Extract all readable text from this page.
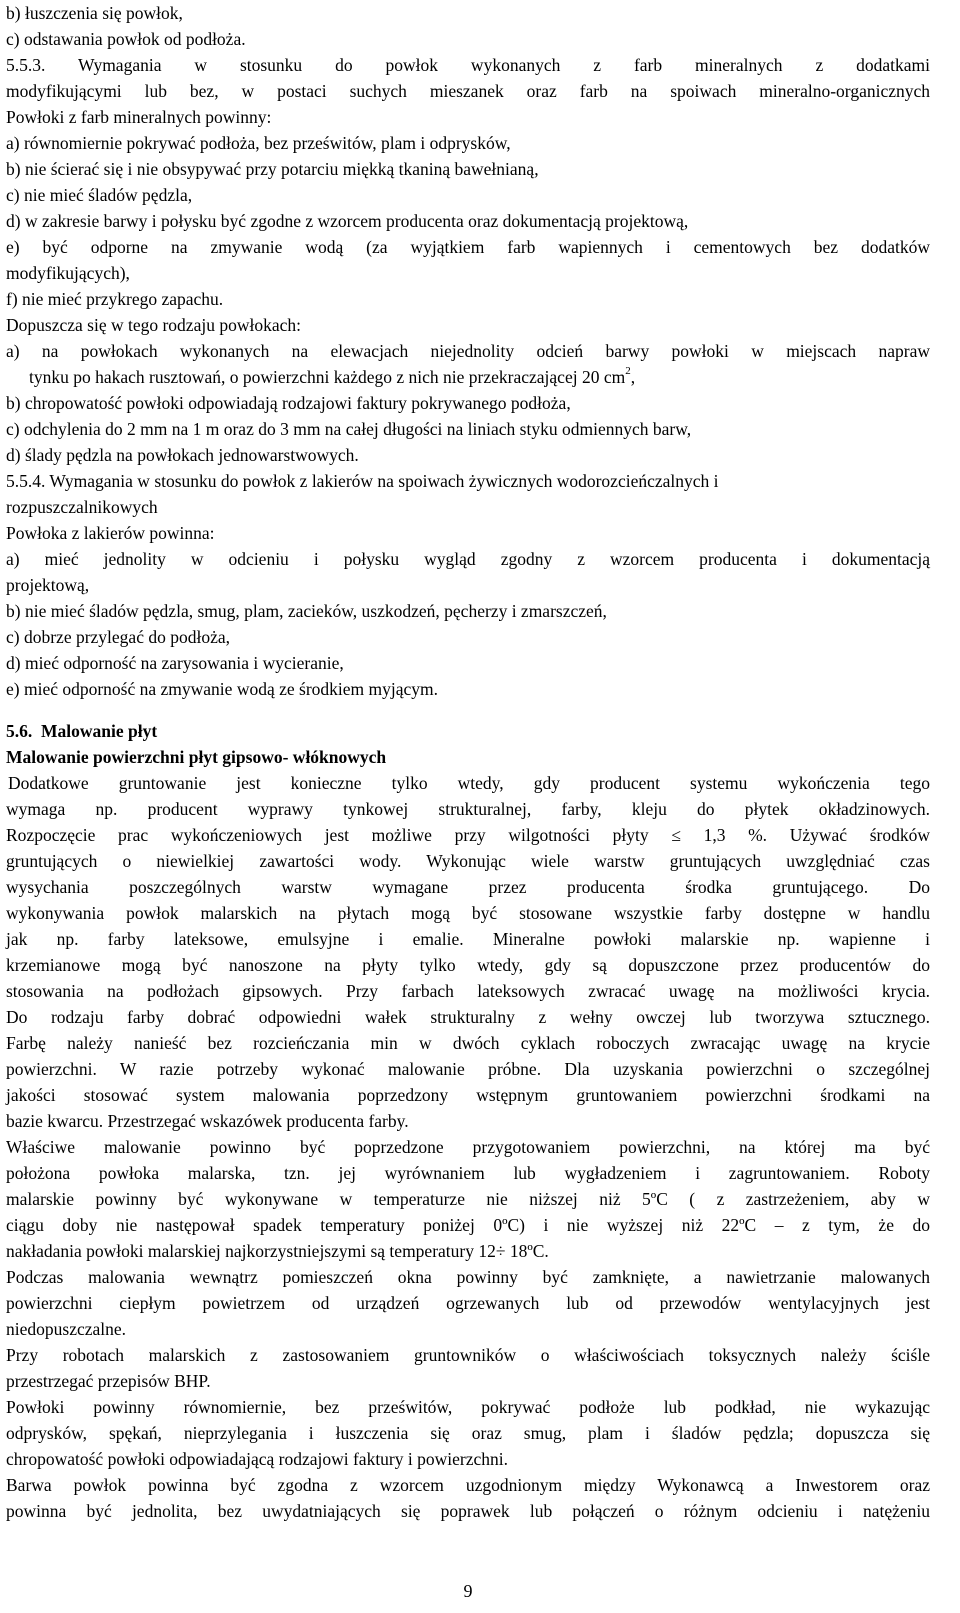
b) łuszczenia się powłok,
c) odstawania powłok od podłoża.
5.5.3. Wymagania w stosunku do powłok wykonanych z farb mineralnych z dodatkami
modyfikującymi lub bez, w postaci suchych mieszanek oraz farb na spoiwach mineralno-organicznych
Powłoki z farb mineralnych powinny:
a) równomiernie pokrywać podłoża, bez prześwitów, plam i odprysków,
b) nie ścierać się i nie obsypywać przy potarciu miękką tkaniną bawełnianą,
c) nie mieć śladów pędzla,
d) w zakresie barwy i połysku być zgodne z wzorcem producenta oraz dokumentacją projektową,
e) być odporne na zmywanie wodą (za wyjątkiem farb wapiennych i cementowych bez dodatków
modyfikujących),
f) nie mieć przykrego zapachu.
Dopuszcza się w tego rodzaju powłokach:
a) na powłokach wykonanych na elewacjach niejednolity odcień barwy powłoki w miejscach napraw
tynku po hakach rusztowań, o powierzchni każdego z nich nie przekraczającej 20 $cm^2$,
b) chropowatość powłoki odpowiadają rodzajowi faktury pokrywanego podłoża,
c) odchylenia do 2 mm na 1 m oraz do 3 mm na całej długości na liniach styku odmiennych barw,
d) ślady pędzla na powłokach jednowarstwowych.
5.5.4. Wymagania w stosunku do powłok z lakierów na spoiwach żywicznych wodorozcieńczalnych i
rozpuszczalnikowych
Powłoka z lakierów powinna:
a) mieć jednolity w odcieniu i połysku wygląd zgodny z wzorcem producenta i dokumentacją
projektową,
b) nie mieć śladów pędzla, smug, plam, zacieków, uszkodzeń, pęcherzy i zmarszczeń,
c) dobrze przylegać do podłoża,
d) mieć odporność na zarysowania i wycieranie,
e) mieć odporność na zmywanie wodą ze środkiem myjącym.
5.6.  Malowanie płyt
Malowanie powierzchni płyt gipsowo- włóknowych
Dodatkowe gruntowanie jest konieczne tylko wtedy, gdy producent systemu wykończenia tego
wymaga np. producent wyprawy tynkowej strukturalnej, farby, kleju do płytek okładzinowych.
Rozpoczęcie prac wykończeniowych jest możliwe przy wilgotności płyty ≤ 1,3 %. Używać środków
gruntujących o niewielkiej zawartości wody. Wykonując wiele warstw gruntujących uwzględniać czas
wysychania poszczególnych warstw wymagane przez producenta środka gruntującego. Do
wykonywania powłok malarskich na płytach mogą być stosowane wszystkie farby dostępne w handlu
jak np. farby lateksowe, emulsyjne i emalie. Mineralne powłoki malarskie np. wapienne i
krzemianowe mogą być nanoszone na płyty tylko wtedy, gdy są dopuszczone przez producentów do
stosowania na podłożach gipsowych. Przy farbach lateksowych zwracać uwagę na możliwości krycia.
Do rodzaju farby dobrać odpowiedni wałek strukturalny z wełny owczej lub tworzywa sztucznego.
Farbę należy nanieść bez rozcieńczania min w dwóch cyklach roboczych zwracając uwagę na krycie
powierzchni. W razie potrzeby wykonać malowanie próbne. Dla uzyskania powierzchni o szczególnej
jakości stosować system malowania poprzedzony wstępnym gruntowaniem powierzchni środkami na
bazie kwarcu. Przestrzegać wskazówek producenta farby.
Właściwe malowanie powinno być poprzedzone przygotowaniem powierzchni, na której ma być
położona powłoka malarska, tzn. jej wyrównaniem lub wygładzeniem i zagruntowaniem. Roboty
malarskie powinny być wykonywane w temperaturze nie niższej niż 5ºC ( z zastrzeżeniem, aby w
ciągu doby nie następował spadek temperatury poniżej 0ºC) i nie wyższej niż 22ºC – z tym, że do
nakładania powłoki malarskiej najkorzystniejszymi są temperatury 12÷ 18ºC.
Podczas malowania wewnątrz pomieszczeń okna powinny być zamknięte, a nawietrzanie malowanych
powierzchni ciepłym powietrzem od urządzeń ogrzewanych lub od przewodów wentylacyjnych jest
niedopuszczalne.
Przy robotach malarskich z zastosowaniem gruntowników o właściwościach toksycznych należy ściśle
przestrzegać przepisów BHP.
Powłoki powinny równomiernie, bez prześwitów, pokrywać podłoże lub podkład, nie wykazując
odprysków, spękań, nieprzylegania i łuszczenia się oraz smug, plam i śladów pędzla; dopuszcza się
chropowatość powłoki odpowiadającą rodzajowi faktury i powierzchni.
Barwa powłok powinna być zgodna z wzorcem uzgodnionym między Wykonawcą a Inwestorem oraz
powinna być jednolita, bez uwydatniających się poprawek lub połączeń o różnym odcieniu i natężeniu
9
